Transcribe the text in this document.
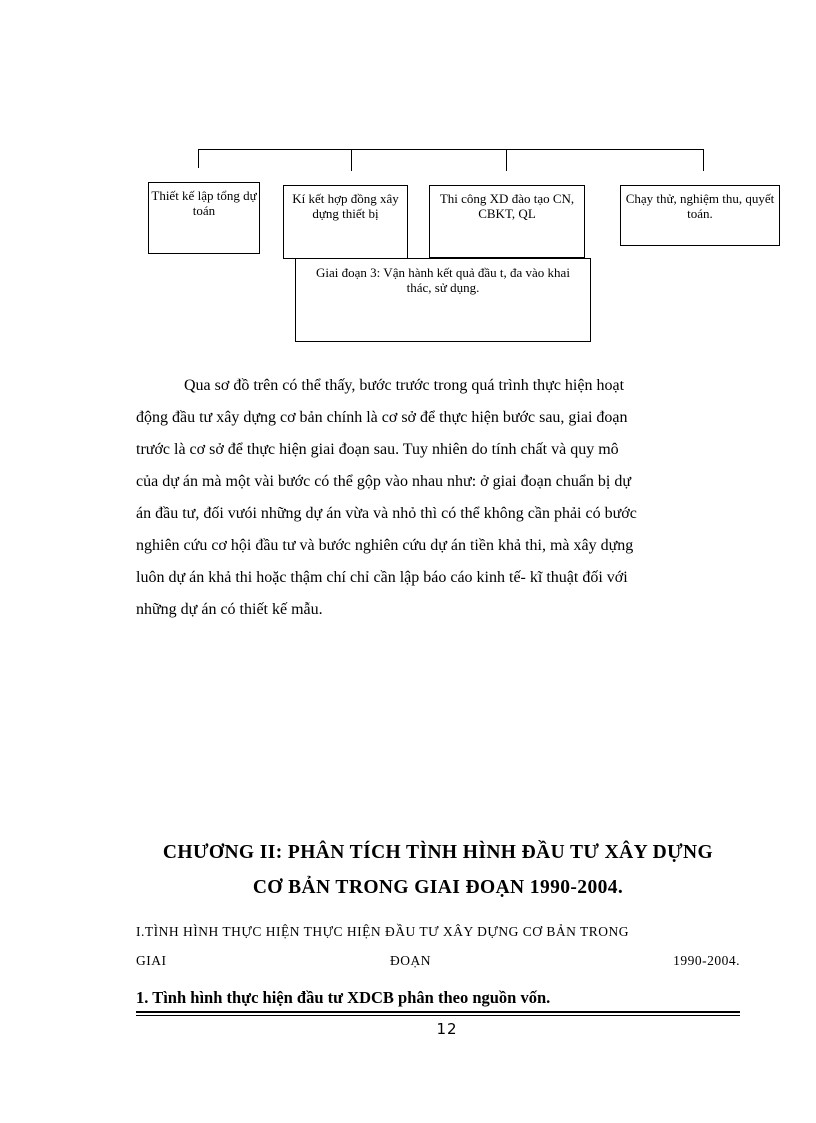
Thiết kế lập tổng dự toán
Kí kết hợp đồng xây dựng thiết bị
Thi công XD đào tạo CN, CBKT, QL
Chạy thử, nghiệm thu, quyết toán.
Giai đoạn 3: Vận hành kết quả đầu t, đa vào khai thác, sử dụng.
Qua sơ đồ trên có thể thấy, bước trước trong quá trình thực hiện hoạt
động đầu tư xây dựng cơ bản chính là cơ sở để thực hiện bước sau, giai đoạn
trước là cơ sở để thực hiện giai đoạn sau. Tuy nhiên do tính chất và quy mô
của dự án mà một vài bước có thể gộp vào nhau như: ở giai đoạn chuẩn bị dự
án đầu tư, đối vưói những dự án vừa và nhỏ thì có thể không cần phải có bước
nghiên cứu cơ hội đầu tư và bước nghiên cứu dự án tiền khả thi, mà xây dựng
luôn dự án khả thi hoặc thậm chí chỉ cần lập báo cáo kinh tế- kĩ thuật đối với
những dự án có thiết kế mẫu.
CHƯƠNG II: PHÂN TÍCH TÌNH HÌNH ĐẦU TƯ XÂY DỰNG
CƠ BẢN TRONG GIAI ĐOẠN 1990-2004.
I.TÌNH HÌNH THỰC HIỆN THỰC HIỆN ĐẦU TƯ XÂY DỰNG CƠ BẢN TRONG
GIAI	ĐOẠN	1990-2004.
1. Tình hình thực hiện đầu tư XDCB phân theo nguồn vốn.
12
